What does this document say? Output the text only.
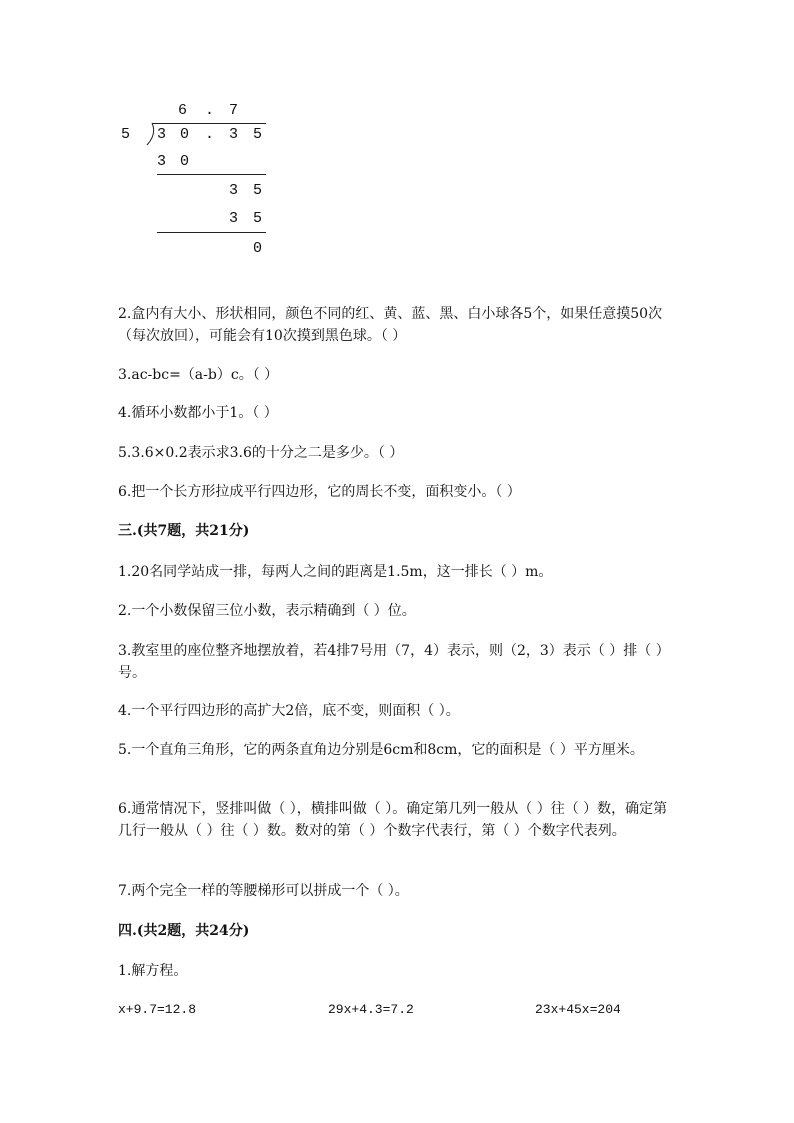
6 . 7
5 3 0 . 3 5
3 0
3 5
3 5
0
2.盒内有大小、形状相同，颜色不同的红、黄、蓝、黑、白小球各5个，如果任意摸50次（每次放回），可能会有10次摸到黑色球。（ ）
3.ac-bc=（a-b）c。（ ）
4.循环小数都小于1。（ ）
5.3.6×0.2表示求3.6的十分之二是多少。（ ）
6.把一个长方形拉成平行四边形，它的周长不变，面积变小。（ ）
三.(共7题，共21分)
1.20名同学站成一排，每两人之间的距离是1.5m，这一排长（ ）m。
2.一个小数保留三位小数，表示精确到（ ）位。
3.教室里的座位整齐地摆放着，若4排7号用（7，4）表示，则（2，3）表示（ ）排（ ）号。
4.一个平行四边形的高扩大2倍，底不变，则面积（ ）。
5.一个直角三角形，它的两条直角边分别是6cm和8cm，它的面积是（ ）平方厘米。
6.通常情况下，竖排叫做（ ），横排叫做（ ）。确定第几列一般从（ ）往（ ）数，确定第几行一般从（ ）往（ ）数。数对的第（ ）个数字代表行，第（ ）个数字代表列。
7.两个完全一样的等腰梯形可以拼成一个（ ）。
四.(共2题，共24分)
1.解方程。
x+9.7=12.8	29x+4.3=7.2	23x+45x=204
